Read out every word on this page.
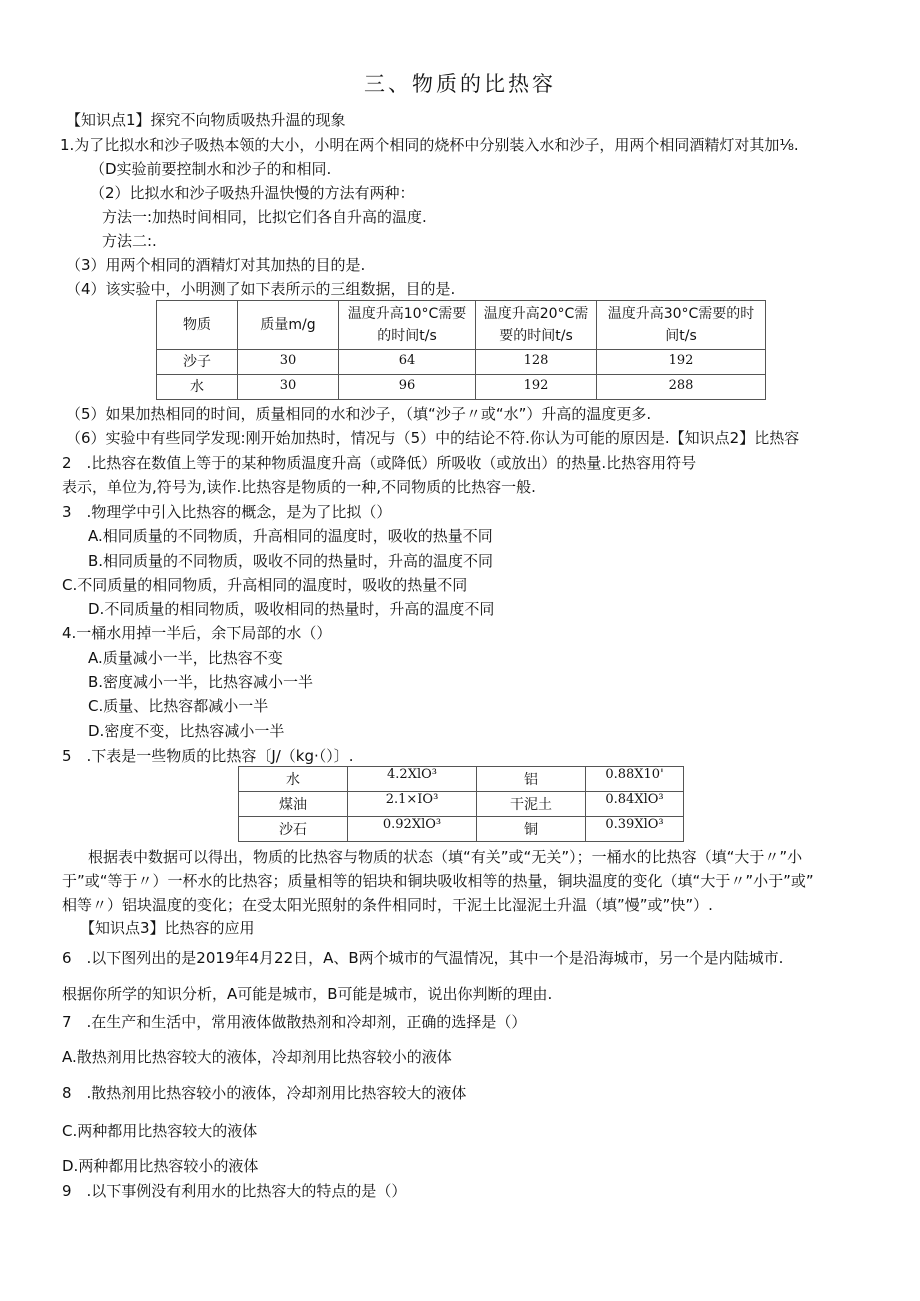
三、物质的比热容
【知识点1】探究不向物质吸热升温的现象
1.为了比拟水和沙子吸热本领的大小，小明在两个相同的烧杯中分别装入水和沙子，用两个相同酒精灯对其加⅛.
（D实验前要控制水和沙子的和相同.
（2）比拟水和沙子吸热升温快慢的方法有两种：
方法一:加热时间相同，比拟它们各自升高的温度.
方法二:.
（3）用两个相同的酒精灯对其加热的目的是.
（4）该实验中，小明测了如下表所示的三组数据，目的是.
（5）如果加热相同的时间，质量相同的水和沙子，（填“沙子〃或“水”）升高的温度更多.
（6）实验中有些同学发现:刚开始加热时，情况与（5）中的结论不符.你认为可能的原因是.【知识点2】比热容
2　.比热容在数值上等于的某种物质温度升高（或降低）所吸收（或放出）的热量.比热容用符号
表示，单位为,符号为,读作.比热容是物质的一种,不同物质的比热容一般.
3　.物理学中引入比热容的概念，是为了比拟（）
A.相同质量的不同物质，升高相同的温度时，吸收的热量不同
B.相同质量的不同物质，吸收不同的热量时，升高的温度不同
C.不同质量的相同物质，升高相同的温度时，吸收的热量不同
D.不同质量的相同物质，吸收相同的热量时，升高的温度不同
4.一桶水用掉一半后，余下局部的水（）
A.质量减小一半，比热容不变
B.密度减小一半，比热容减小一半
C.质量、比热容都减小一半
D.密度不变，比热容减小一半
5　.下表是一些物质的比热容〔J/（kg·（）〕.
根据表中数据可以得出，物质的比热容与物质的状态（填“有关”或“无关”）；一桶水的比热容（填“大于〃”小
于”或“等于〃）一杯水的比热容；质量相等的铝块和铜块吸收相等的热量，铜块温度的变化（填“大于〃”小于”或”
相等〃）铝块温度的变化；在受太阳光照射的条件相同时，干泥土比湿泥土升温（填”慢”或”快”）.
【知识点3】比热容的应用
6　.以下图列出的是2019年4月22日，A、B两个城市的气温情况，其中一个是沿海城市，另一个是内陆城市.
根据你所学的知识分析，A可能是城市，B可能是城市，说出你判断的理由.
7　.在生产和生活中，常用液体做散热剂和冷却剂，正确的选择是（）
A.散热剂用比热容较大的液体，冷却剂用比热容较小的液体
8　.散热剂用比热容较小的液体，冷却剂用比热容较大的液体
C.两种都用比热容较大的液体
D.两种都用比热容较小的液体
9　.以下事例没有利用水的比热容大的特点的是（）
物质	质量m/g	温度升高10°C需要的时间t/s	温度升高20°C需要的时间t/s	温度升高30°C需要的时间t/s
沙子	30	64	128	192
水	30	96	192	288
水	4.2XlO³	铝	0.88X10'
煤油	2.1×IO³	干泥土	0.84XlO³
沙石	0.92XlO³	铜	0.39XlO³
